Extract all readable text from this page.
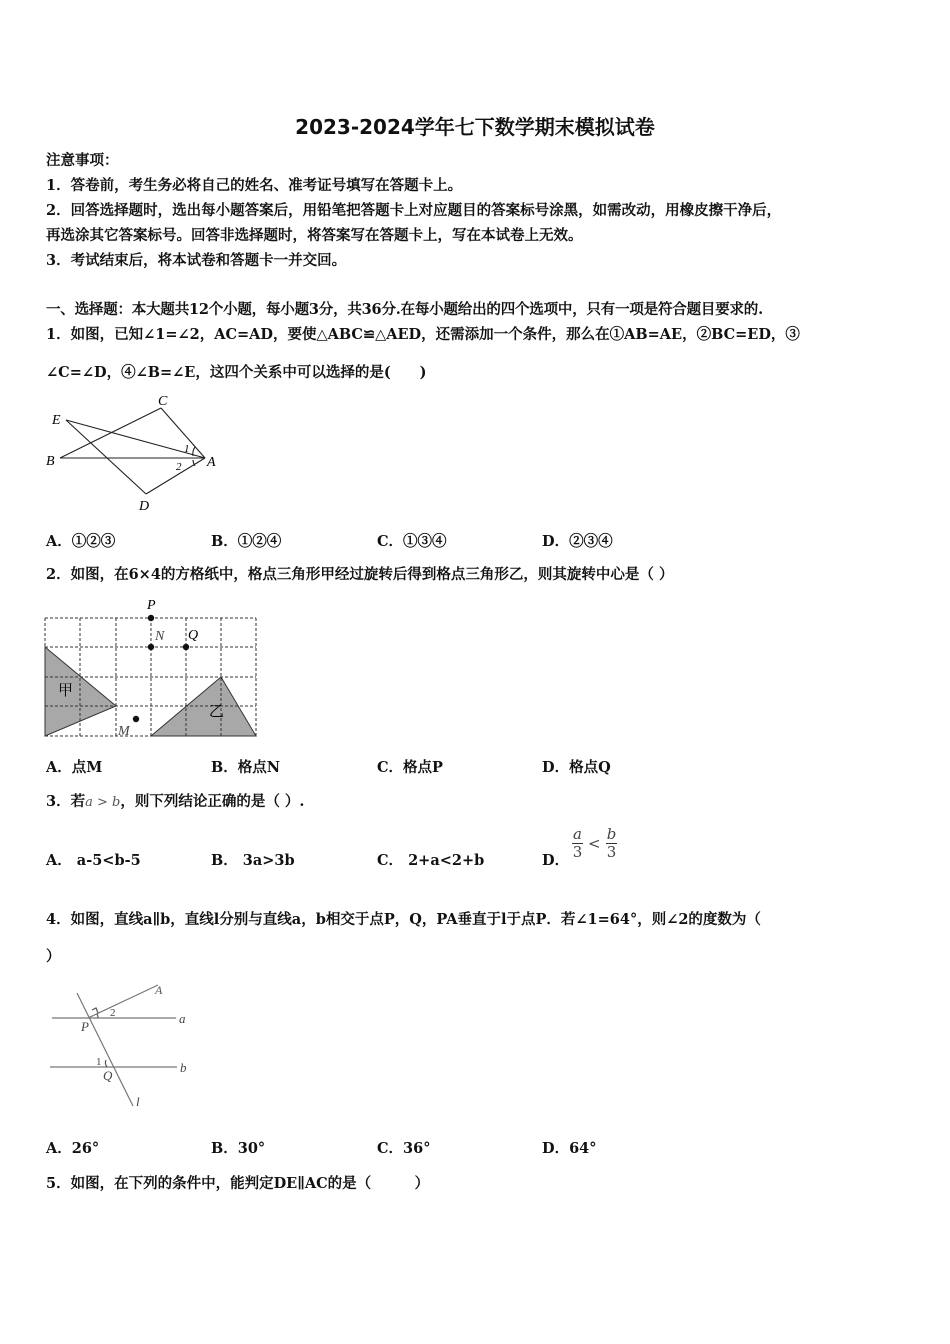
2023-2024学年七下数学期末模拟试卷
注意事项：
1．答卷前，考生务必将自己的姓名、准考证号填写在答题卡上。
2．回答选择题时，选出每小题答案后，用铅笔把答题卡上对应题目的答案标号涂黑，如需改动，用橡皮擦干净后，
再选涂其它答案标号。回答非选择题时，将答案写在答题卡上，写在本试卷上无效。
3．考试结束后，将本试卷和答题卡一并交回。
一、选择题：本大题共12个小题，每小题3分，共36分.在每小题给出的四个选项中，只有一项是符合题目要求的.
1．如图，已知∠1=∠2，AC=AD，要使△ABC≌△AED，还需添加一个条件，那么在①AB=AE，②BC=ED，③
∠C=∠D，④∠B=∠E，这四个关系中可以选择的是(　　)
E
C
B	A
D
1
2
A．①②③	B．①②④	C．①③④	D．②③④
2．如图，在6×4的方格纸中，格点三角形甲经过旋转后得到格点三角形乙，则其旋转中心是（ ）
P
N Q
M
甲
乙
A．点M	B．格点N	C．格点P	D．格点Q
3．若a > b，则下列结论正确的是（ ）.
A． a-5<b-5	B． 3a>3b	C． 2+a<2+b	D． $\frac{a}{3} < \frac{b}{3}$
4．如图，直线a∥b，直线l分别与直线a，b相交于点P，Q，PA垂直于l于点P．若∠1=64°，则∠2的度数为（
）
A
P
Q
a
b
l
1
2
A．26°	B．30°	C．36°	D．64°
5．如图，在下列的条件中，能判定DE∥AC的是（　　　）
